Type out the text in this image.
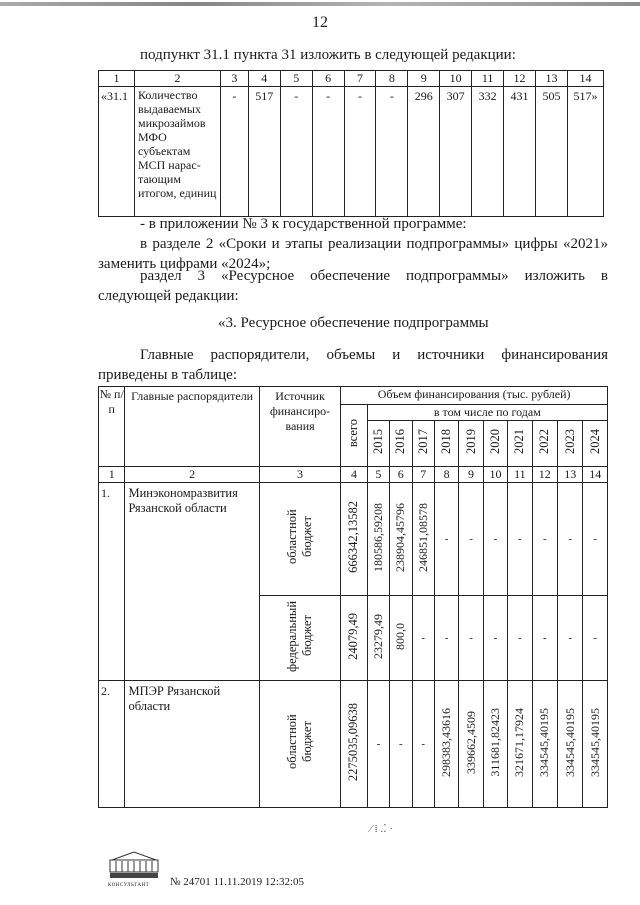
12
подпункт 31.1 пункта 31 изложить в следующей редакции:
1	2	3	4	5	6	7	8	9	10	11	12	13	14
«31.1	Количество выдаваемых микрозаймов МФО субъектам МСП нарас-тающим итогом, единиц	-	517	-	-	-	-	296	307	332	431	505	517»
- в приложении № 3 к государственной программе:
в разделе 2 «Сроки и этапы реализации подпрограммы» цифры «2021»
заменить цифрами «2024»;
раздел 3 «Ресурсное обеспечение подпрограммы» изложить в
следующей редакции:
«3. Ресурсное обеспечение подпрограммы
Главные распорядители, объемы и источники финансирования
приведены в таблице:
№ п/п	Главные распорядители	Источник финансиро-вания	Объем финансирования (тыс. рублей)										
			всего	в том числе по годам									
				2015	2016	2017	2018	2019	2020	2021	2022	2023	2024
1	2	3	4	5	6	7	8	9	10	11	12	13	14
1.	Минэкономразвития Рязанской области	областной бюджет	666342,13582	180586,59208	238904,45796	246851,08578	-	-	-	-	-	-	-
		федеральный бюджет	24079,49	23279,49	800,0	-	-	-	-	-	-	-	-
2.	МПЭР Рязанской области	областной бюджет	2275035,09638	-	-	-	298383,43616	339662,4509	311681,82423	321671,17924	334545,40195	334545,40195	334545,40195
⁄ ⁞ .⁚ ·
КОНСУЛЬТАНТ	№ 24701 11.11.2019 12:32:05
